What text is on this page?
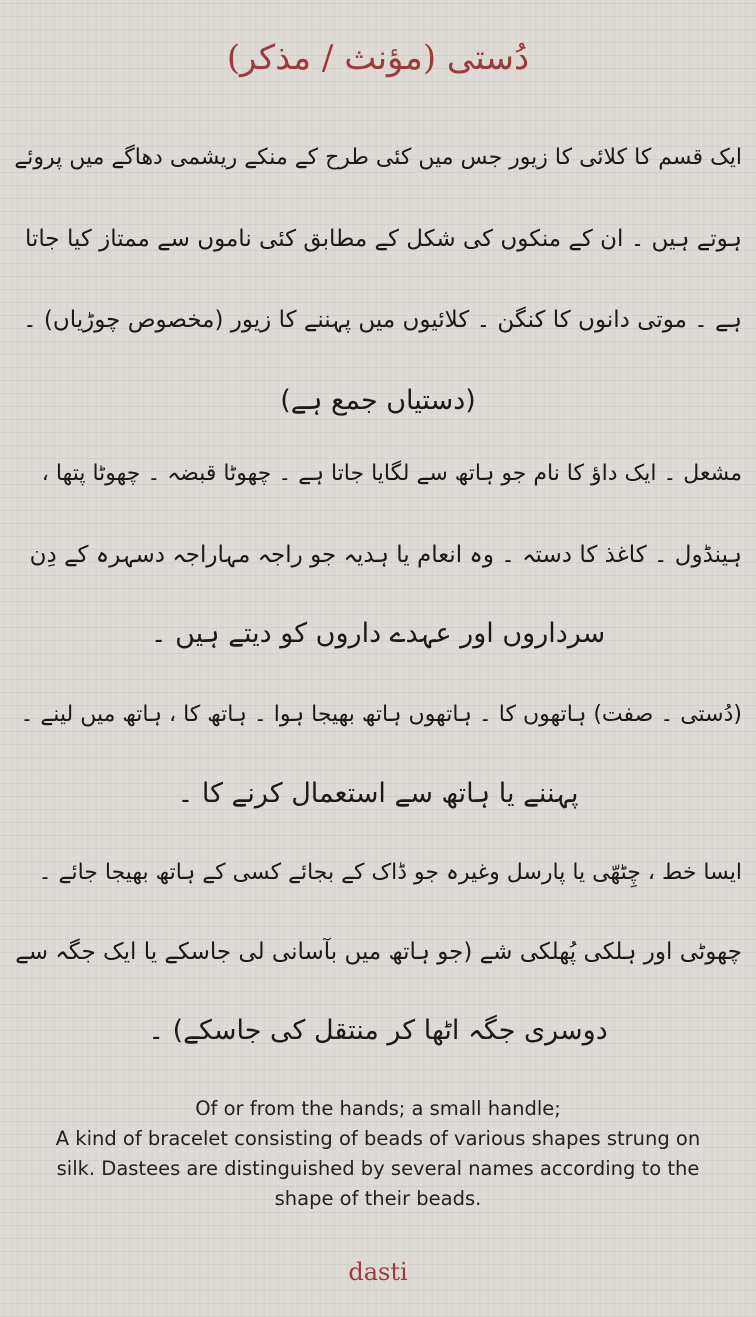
دُستی (مؤنث / مذکر)
ایک قسم کا کلائی کا زیور جس میں کئی طرح کے منکے ریشمی دھاگے میں پروئے
ہوتے ہیں ۔ ان کے منکوں کی شکل کے مطابق کئی ناموں سے ممتاز کیا جاتا
ہے ۔ موتی دانوں کا کنگن ۔ کلائیوں میں پہننے کا زیور (مخصوص چوڑیاں) ۔
(دستیاں جمع ہے)
مشعل ۔ ایک داؤ کا نام جو ہاتھ سے لگایا جاتا ہے ۔ چھوٹا قبضہ ۔ چھوٹا پتھا ،
ہینڈول ۔ کاغذ کا دستہ ۔ وہ انعام یا ہدیہ جو راجہ مہاراجہ دسہرہ کے دِن
سرداروں اور عہدے داروں کو دیتے ہیں ۔
(دُستی ۔ صفت) ہاتھوں کا ۔ ہاتھوں ہاتھ بھیجا ہوا ۔ ہاتھ کا ، ہاتھ میں لینے ۔
پہننے یا ہاتھ سے استعمال کرنے کا ۔
ایسا خط ، چِٹھّی یا پارسل وغیرہ جو ڈاک کے بجائے کسی کے ہاتھ بھیجا جائے ۔
چھوٹی اور ہلکی پُھلکی شے (جو ہاتھ میں بآسانی لی جاسکے یا ایک جگہ سے
دوسری جگہ اٹھا کر منتقل کی جاسکے) ۔
Of or from the hands; a small handle;
A kind of bracelet consisting of beads of various shapes strung on
silk. Dastees are distinguished by several names according to the
shape of their beads.
dasti
